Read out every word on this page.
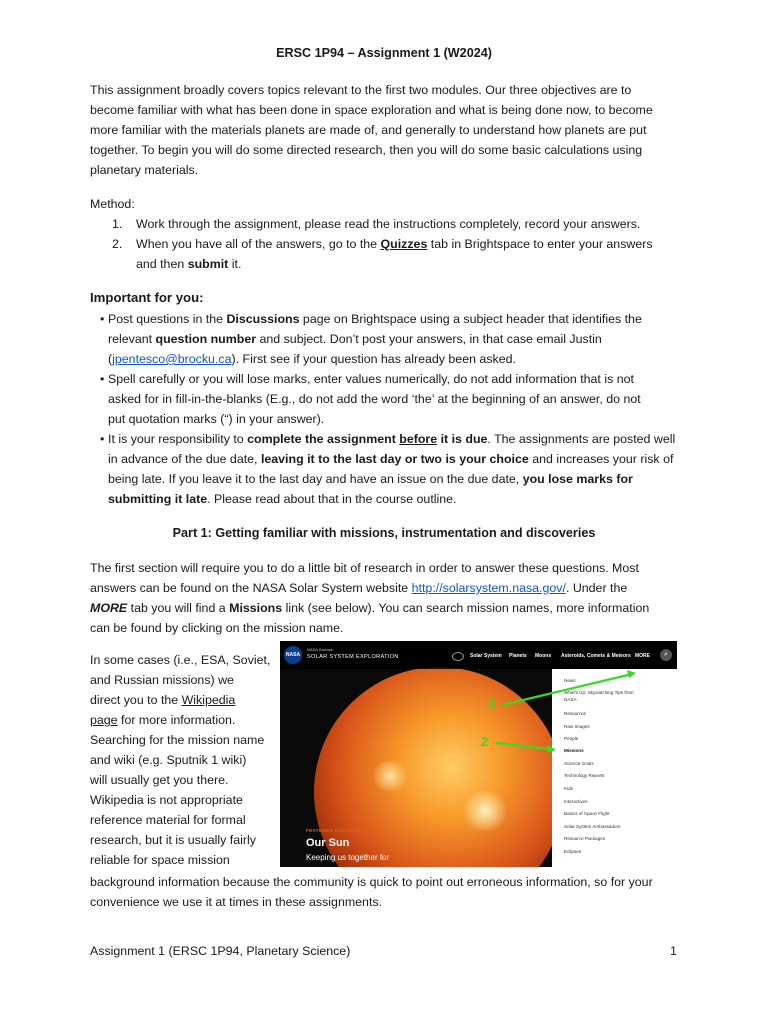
ERSC 1P94 – Assignment 1 (W2024)
This assignment broadly covers topics relevant to the first two modules. Our three objectives are to
become familiar with what has been done in space exploration and what is being done now, to become
more familiar with the materials planets are made of, and generally to understand how planets are put
together. To begin you will do some directed research, then you will do some basic calculations using
planetary materials.
Method:
1. Work through the assignment, please read the instructions completely, record your answers.
2. When you have all of the answers, go to the Quizzes tab in Brightspace to enter your answers
and then submit it.
Important for you:
• Post questions in the Discussions page on Brightspace using a subject header that identifies the
relevant question number and subject. Don’t post your answers, in that case email Justin
(jpentesco@brocku.ca). First see if your question has already been asked.
• Spell carefully or you will lose marks, enter values numerically, do not add information that is not
asked for in fill-in-the-blanks (E.g., do not add the word ‘the’ at the beginning of an answer, do not
put quotation marks (“) in your answer).
• It is your responsibility to complete the assignment before it is due. The assignments are posted well
in advance of the due date, leaving it to the last day or two is your choice and increases your risk of
being late. If you leave it to the last day and have an issue on the due date, you lose marks for
submitting it late. Please read about that in the course outline.
Part 1: Getting familiar with missions, instrumentation and discoveries
The first section will require you to do a little bit of research in order to answer these questions. Most
answers can be found on the NASA Solar System website http://solarsystem.nasa.gov/. Under the
MORE tab you will find a Missions link (see below). You can search mission names, more information
can be found by clicking on the mission name.
In some cases (i.e., ESA, Soviet,
and Russian missions) we
direct you to the Wikipedia
page for more information.
Searching for the mission name
and wiki (e.g. Sputnik 1 wiki)
will usually get you there.
Wikipedia is not appropriate
reference material for formal
research, but it is usually fairly
reliable for space mission
NASA
NASA Science
SOLAR SYSTEM EXPLORATION	Solar System Planets Moons Asteroids, Comets & Meteors MORE	⌕
News
What's Up: Skywatching Tips from
NASA
Resources
Raw Images
People
Missions
Science Goals
Technology Reports
Kids
Interactives
Basics of Space Flight
Solar System Ambassadors
Resource Packages
Eclipses
FEATURED DESTINATION
Our Sun
Keeping us together for
1
2
background information because the community is quick to point out erroneous information, so for your
convenience we use it at times in these assignments.
Assignment 1 (ERSC 1P94, Planetary Science)	1
